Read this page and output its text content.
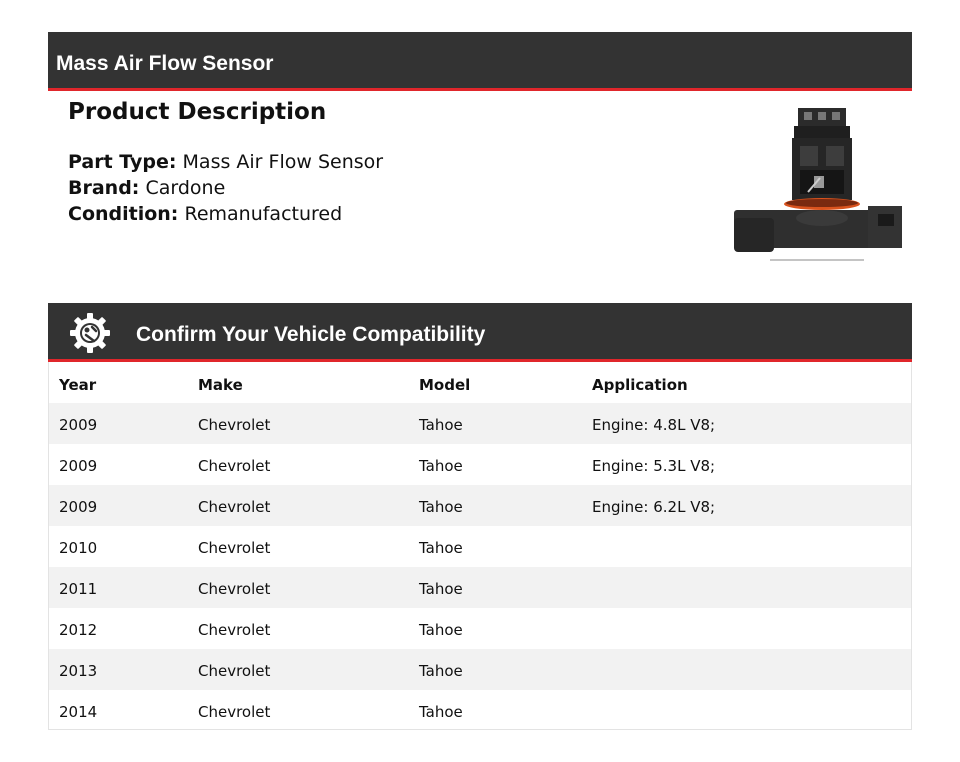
Mass Air Flow Sensor
Product Description
Part Type: Mass Air Flow Sensor
Brand: Cardone
Condition: Remanufactured
Confirm Your Vehicle Compatibility
Year	Make	Model	Application
2009	Chevrolet	Tahoe	Engine: 4.8L V8;
2009	Chevrolet	Tahoe	Engine: 5.3L V8;
2009	Chevrolet	Tahoe	Engine: 6.2L V8;
2010	Chevrolet	Tahoe
2011	Chevrolet	Tahoe
2012	Chevrolet	Tahoe
2013	Chevrolet	Tahoe
2014	Chevrolet	Tahoe
